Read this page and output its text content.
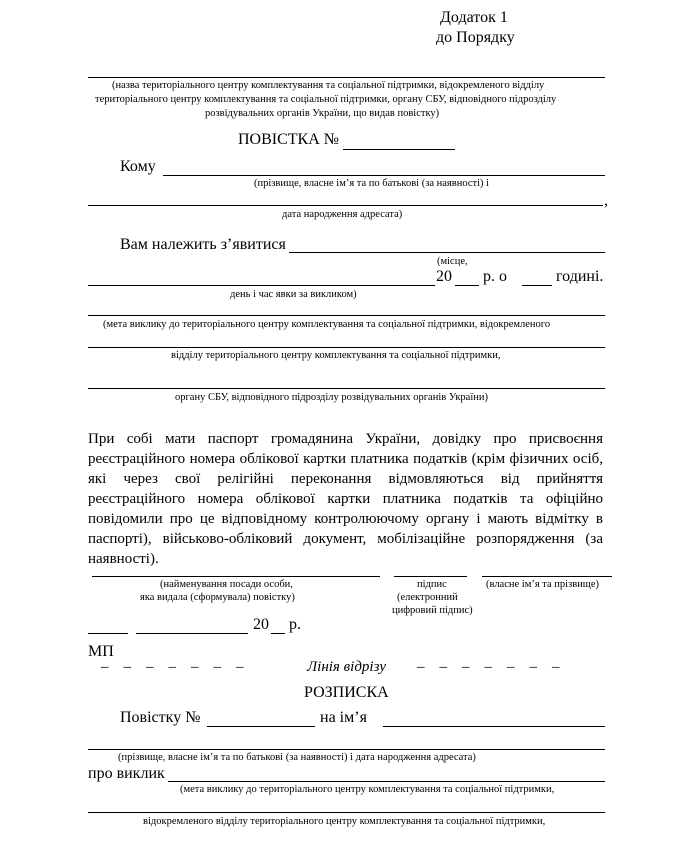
Додаток 1
до Порядку
(назва територіального центру комплектування та соціальної підтримки, відокремленого відділу
територіального центру комплектування та соціальної підтримки, органу СБУ, відповідного підрозділу
розвідувальних органів України, що видав повістку)
ПОВІСТКА №
Кому
(прізвище, власне ім’я та по батькові (за наявності) і
,
дата народження адресата)
Вам належить з’явитися
(місце,
20 р. о	годині.
день і час явки за викликом)
(мета виклику до територіального центру комплектування та соціальної підтримки, відокремленого
відділу територіального центру комплектування та соціальної підтримки,
органу СБУ, відповідного підрозділу розвідувальних органів України)
При собі мати паспорт громадянина України, довідку про присвоєння реєстраційного номера облікової картки платника податків (крім фізичних осіб, які через свої релігійні переконання відмовляються від прийняття реєстраційного номера облікової картки платника податків та офіційно повідомили про це відповідному контролюючому органу і мають відмітку в паспорті), військово-обліковий документ, мобілізаційне розпорядження (за наявності).
(найменування посади особи,
яка видала (сформувала) повістку)
підпис
(електронний
цифровий підпис)
(власне ім’я та прізвище)
20 р.
МП
–    –    –    –    –    –    –	Лінія відрізу –    –    –    –    –    –    –
РОЗПИСКА
Повістку №	на ім’я
(прізвище, власне ім’я та по батькові (за наявності) і дата народження адресата)
про виклик
(мета виклику до територіального центру комплектування та соціальної підтримки,
відокремленого відділу територіального центру комплектування та соціальної підтримки,
